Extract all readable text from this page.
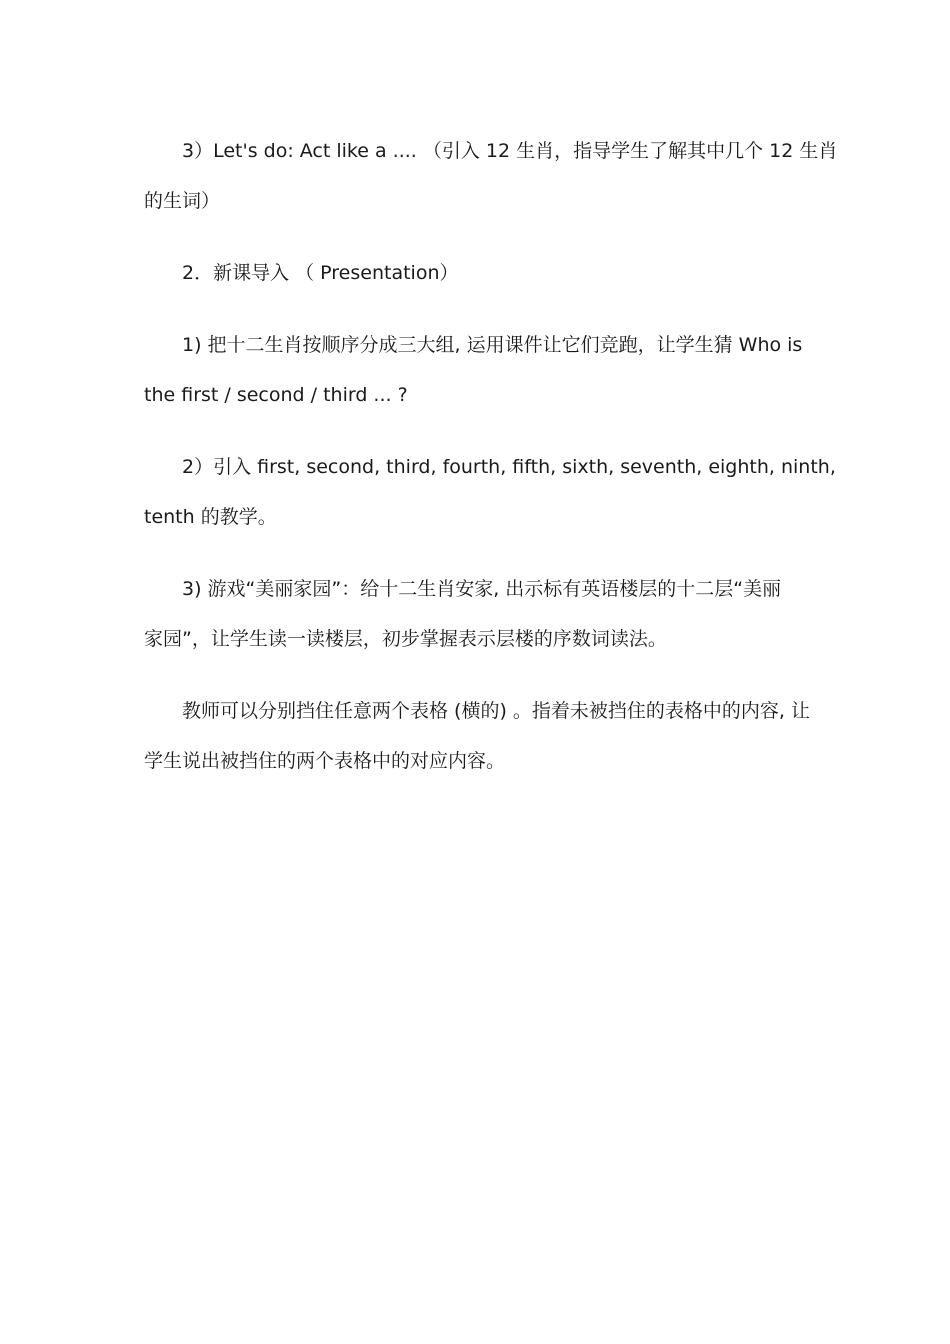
3）Let's do: Act like a .... （引入 12 生肖，指导学生了解其中几个 12 生肖
的生词）
2．新课导入 （ Presentation）
1) 把十二生肖按顺序分成三大组, 运用课件让它们竞跑，让学生猜 Who is
the first / second / third ... ?
2）引入 first, second, third, fourth, fifth, sixth, seventh, eighth, ninth,
tenth 的教学。
3) 游戏“美丽家园”：给十二生肖安家, 出示标有英语楼层的十二层“美丽
家园”，让学生读一读楼层，初步掌握表示层楼的序数词读法。
教师可以分别挡住任意两个表格 (横的) 。指着未被挡住的表格中的内容, 让
学生说出被挡住的两个表格中的对应内容。
